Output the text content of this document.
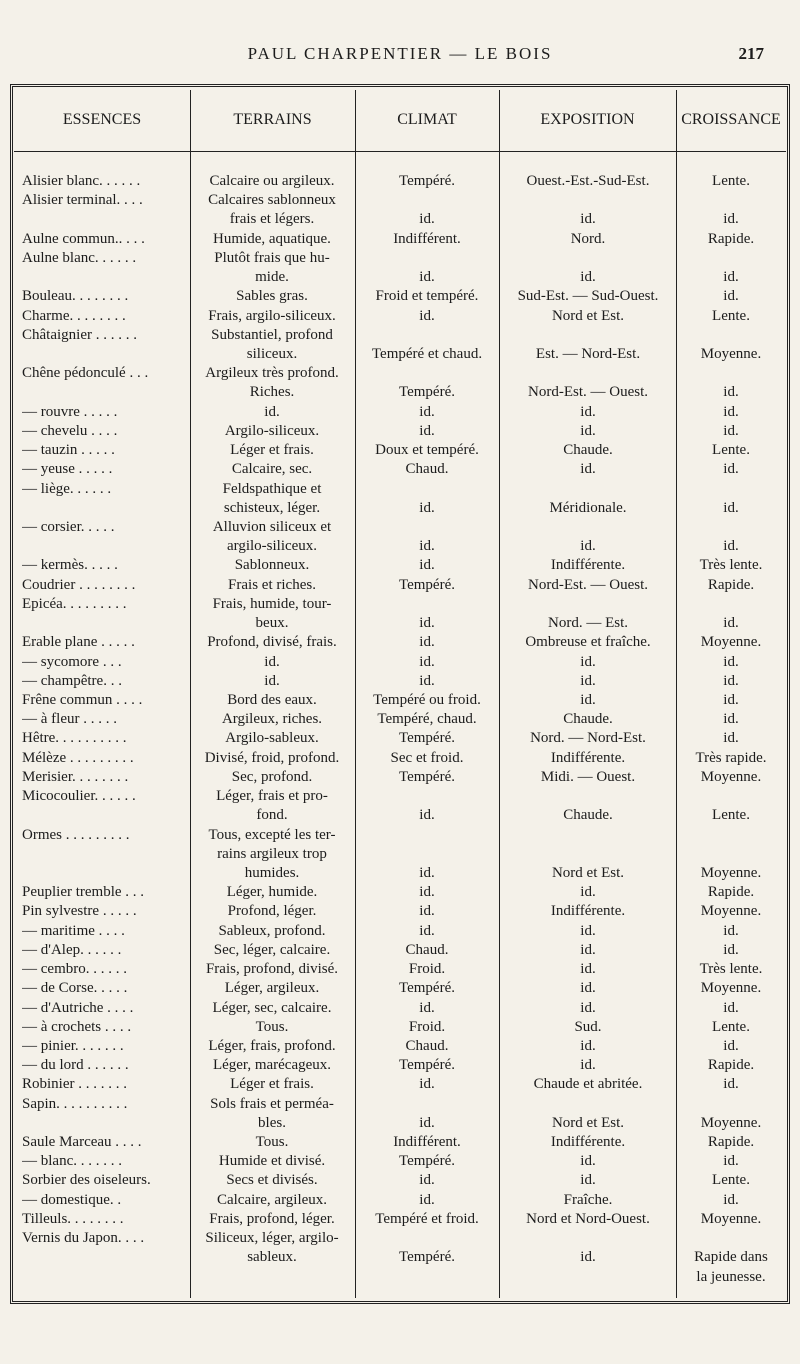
PAUL CHARPENTIER — LE BOIS	217
ESSENCES	TERRAINS	CLIMAT	EXPOSITION	CROISSANCE
Alisier blanc. . . . . .	Calcaire ou argileux.	Tempéré.	Ouest.-Est.-Sud-Est.	Lente.
Alisier terminal. . . .	Calcaires sablonneux
frais et légers.	id.	id.	id.
Aulne commun.. . . .	Humide, aquatique.	Indifférent.	Nord.	Rapide.
Aulne blanc. . . . . .	Plutôt frais que hu-
mide.	id.	id.	id.
Bouleau. . . . . . . .	Sables gras.	Froid et tempéré.	Sud-Est. — Sud-Ouest.	id.
Charme. . . . . . . .	Frais, argilo-siliceux.	id.	Nord et Est.	Lente.
Châtaignier . . . . . .	Substantiel, profond
siliceux.	Tempéré et chaud.	Est. — Nord-Est.	Moyenne.
Chêne pédonculé . . .	Argileux très profond.
Riches.	Tempéré.	Nord-Est. — Ouest.	id.
— rouvre . . . . .	id.	id.	id.	id.
— chevelu . . . .	Argilo-siliceux.	id.	id.	id.
— tauzin . . . . .	Léger et frais.	Doux et tempéré.	Chaude.	Lente.
— yeuse . . . . .	Calcaire, sec.	Chaud.	id.	id.
— liège. . . . . .	Feldspathique et
schisteux, léger.	id.	Méridionale.	id.
— corsier. . . . .	Alluvion siliceux et
argilo-siliceux.	id.	id.	id.
— kermès. . . . .	Sablonneux.	id.	Indifférente.	Très lente.
Coudrier . . . . . . . .	Frais et riches.	Tempéré.	Nord-Est. — Ouest.	Rapide.
Epicéa. . . . . . . . .	Frais, humide, tour-
beux.	id.	Nord. — Est.	id.
Erable plane . . . . .	Profond, divisé, frais.	id.	Ombreuse et fraîche.	Moyenne.
— sycomore . . .	id.	id.	id.	id.
— champêtre. . .	id.	id.	id.	id.
Frêne commun . . . .	Bord des eaux.	Tempéré ou froid.	id.	id.
— à fleur . . . . .	Argileux, riches.	Tempéré, chaud.	Chaude.	id.
Hêtre. . . . . . . . . .	Argilo-sableux.	Tempéré.	Nord. — Nord-Est.	id.
Mélèze . . . . . . . . .	Divisé, froid, profond.	Sec et froid.	Indifférente.	Très rapide.
Merisier. . . . . . . .	Sec, profond.	Tempéré.	Midi. — Ouest.	Moyenne.
Micocoulier. . . . . .	Léger, frais et pro-
fond.	id.	Chaude.	Lente.
Ormes . . . . . . . . .	Tous, excepté les ter-
rains argileux trop
humides.	id.	Nord et Est.	Moyenne.
Peuplier tremble . . .	Léger, humide.	id.	id.	Rapide.
Pin sylvestre . . . . .	Profond, léger.	id.	Indifférente.	Moyenne.
— maritime . . . .	Sableux, profond.	id.	id.	id.
— d'Alep. . . . . .	Sec, léger, calcaire.	Chaud.	id.	id.
— cembro. . . . . .	Frais, profond, divisé.	Froid.	id.	Très lente.
— de Corse. . . . .	Léger, argileux.	Tempéré.	id.	Moyenne.
— d'Autriche . . . .	Léger, sec, calcaire.	id.	id.	id.
— à crochets . . . .	Tous.	Froid.	Sud.	Lente.
— pinier. . . . . . .	Léger, frais, profond.	Chaud.	id.	id.
— du lord . . . . . .	Léger, marécageux.	Tempéré.	id.	Rapide.
Robinier . . . . . . .	Léger et frais.	id.	Chaude et abritée.	id.
Sapin. . . . . . . . . .	Sols frais et perméa-
bles.	id.	Nord et Est.	Moyenne.
Saule Marceau . . . .	Tous.	Indifférent.	Indifférente.	Rapide.
— blanc. . . . . . .	Humide et divisé.	Tempéré.	id.	id.
Sorbier des oiseleurs.	Secs et divisés.	id.	id.	Lente.
— domestique. .	Calcaire, argileux.	id.	Fraîche.	id.
Tilleuls. . . . . . . .	Frais, profond, léger.	Tempéré et froid.	Nord et Nord-Ouest.	Moyenne.
Vernis du Japon. . . .	Siliceux, léger, argilo-
sableux.	Tempéré.	id.	Rapide dans
la jeunesse.
